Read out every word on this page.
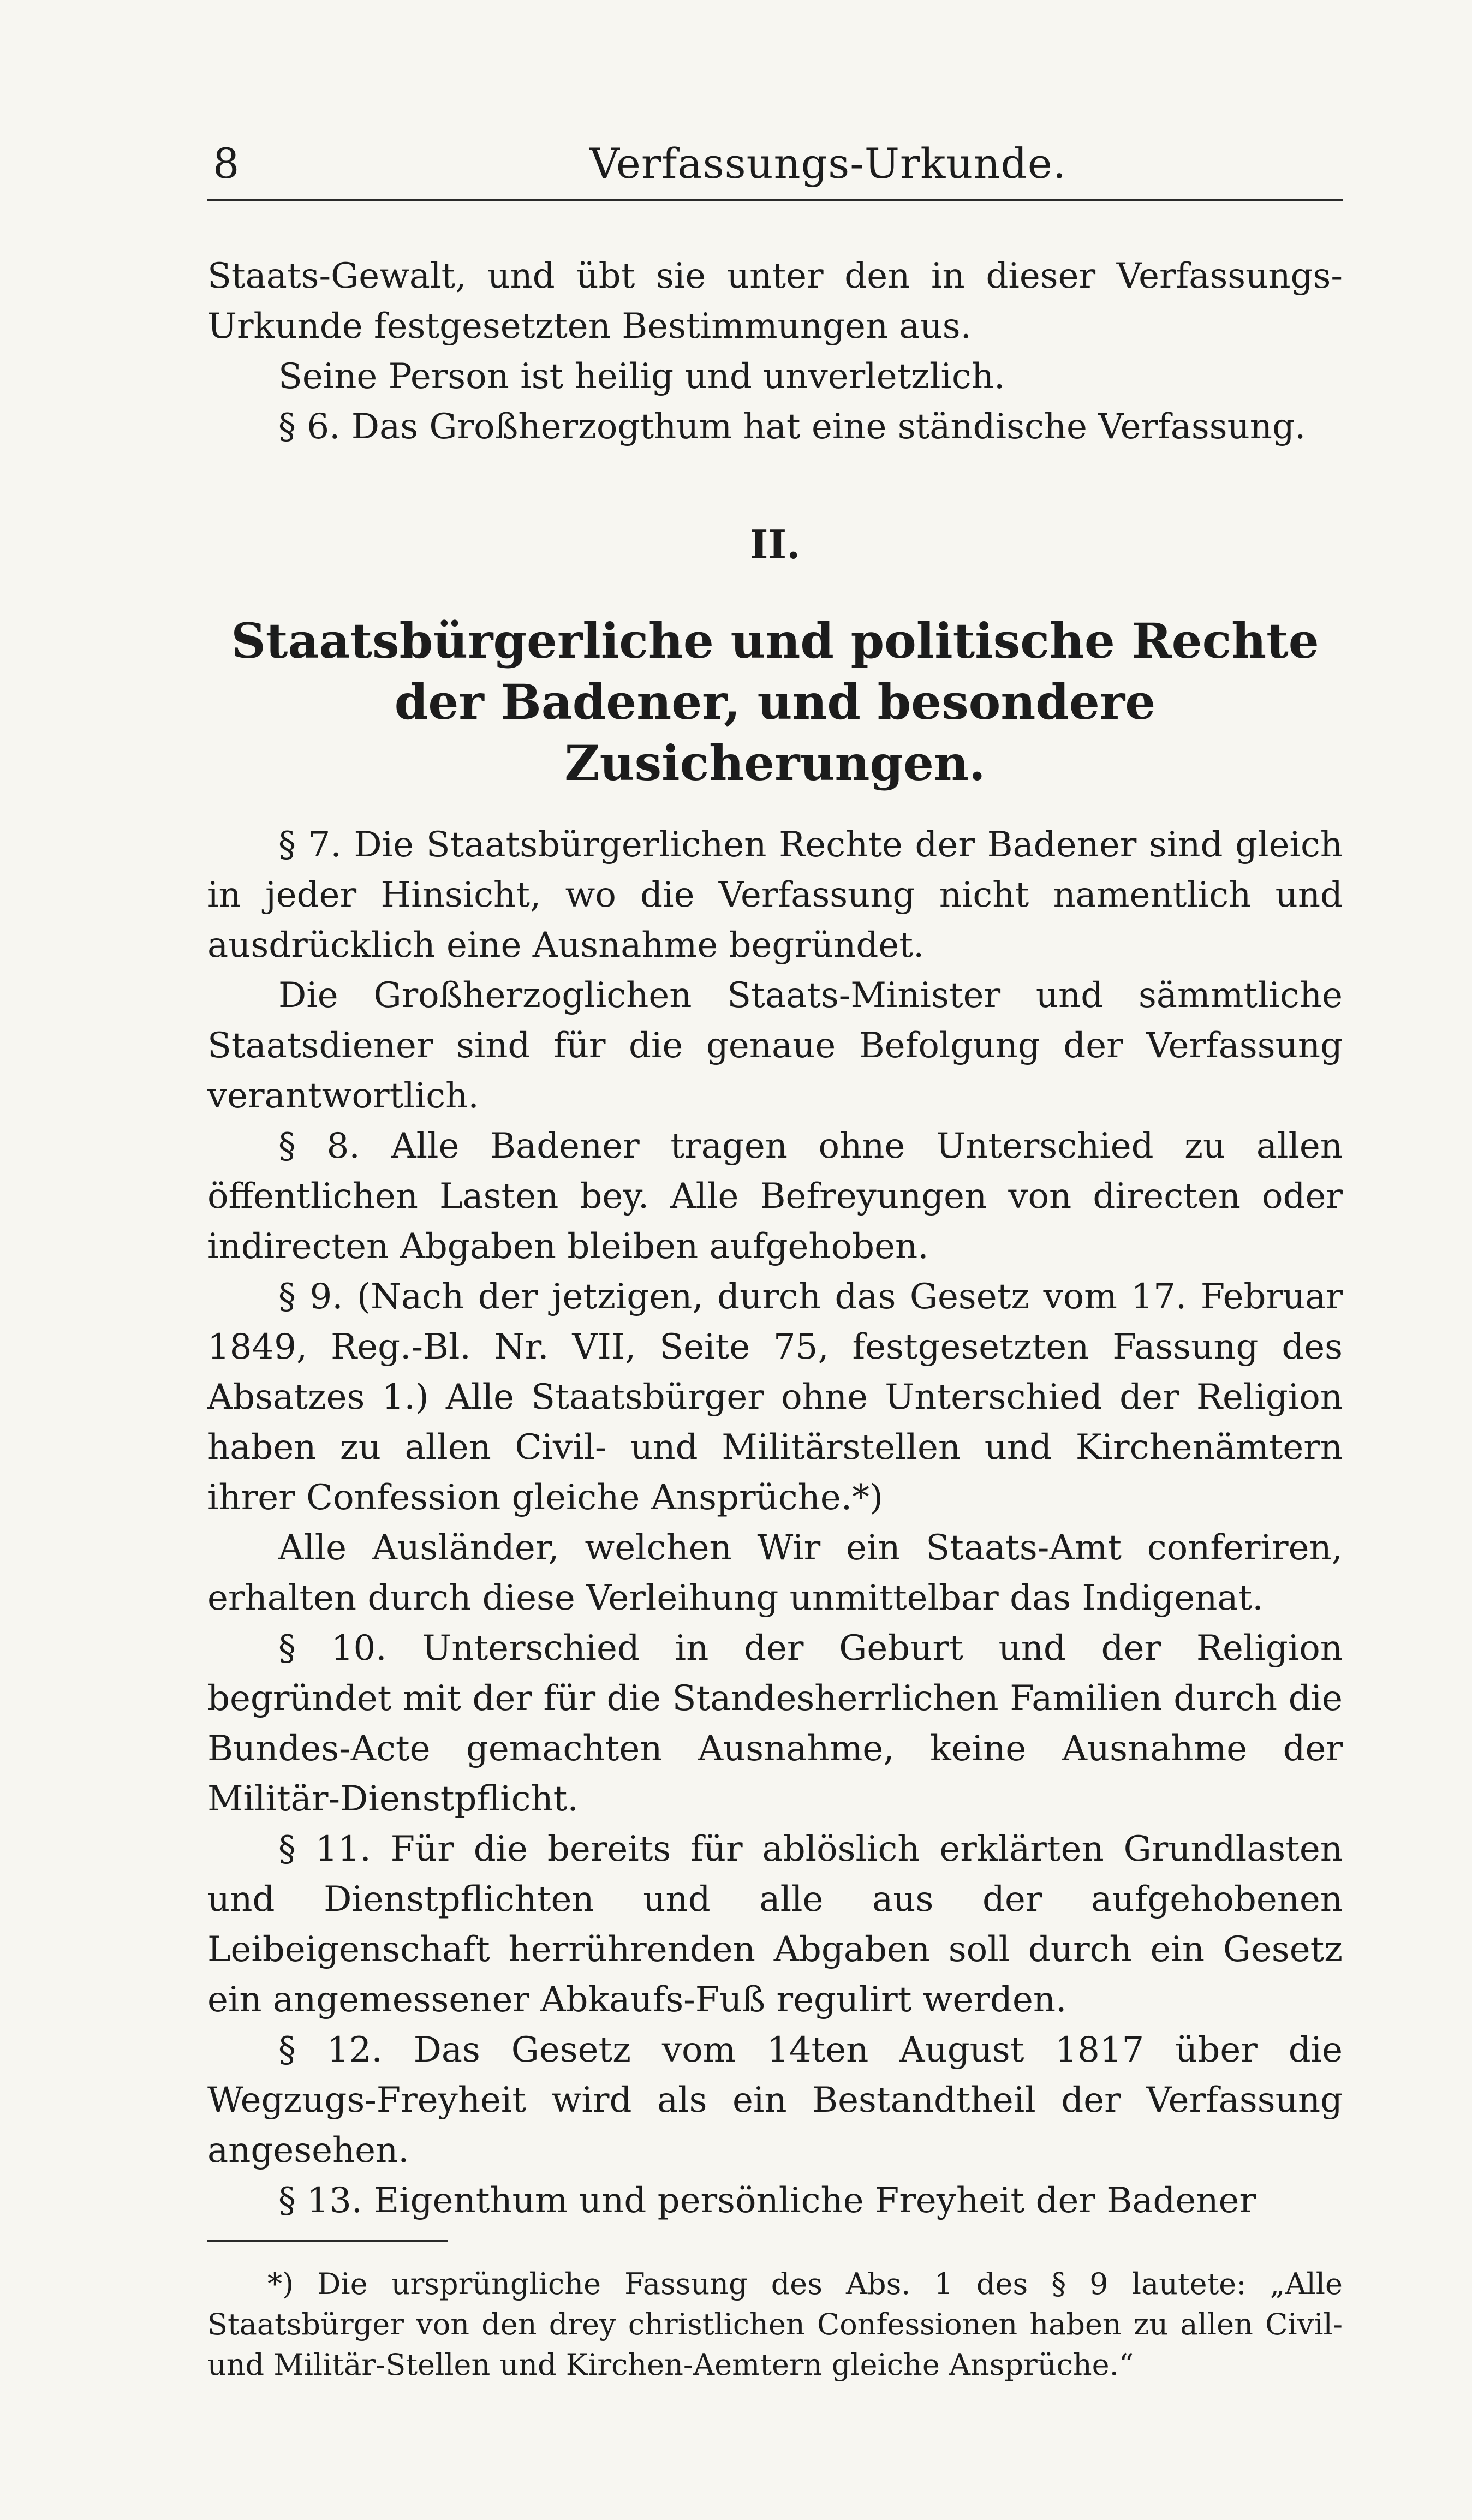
8	Verfassungs-Urkunde.

Staats-Gewalt, und übt sie unter den in dieser Verfassungs-Urkunde festgesetzten Bestimmungen aus.

Seine Person ist heilig und unverletzlich.

§ 6. Das Großherzogthum hat eine ständische Verfassung.

II.
Staatsbürgerliche und politische Rechte der Badener, und besondere Zusicherungen.

§ 7. Die Staatsbürgerlichen Rechte der Badener sind gleich in jeder Hinsicht, wo die Verfassung nicht namentlich und ausdrücklich eine Ausnahme begründet.

Die Großherzoglichen Staats-Minister und sämmtliche Staatsdiener sind für die genaue Befolgung der Verfassung verantwortlich.

§ 8. Alle Badener tragen ohne Unterschied zu allen öffentlichen Lasten bey. Alle Befreyungen von directen oder indirecten Abgaben bleiben aufgehoben.

§ 9. (Nach der jetzigen, durch das Gesetz vom 17. Februar 1849, Reg.-Bl. Nr. VII, Seite 75, festgesetzten Fassung des Absatzes 1.) Alle Staatsbürger ohne Unterschied der Religion haben zu allen Civil- und Militärstellen und Kirchenämtern ihrer Confession gleiche Ansprüche.*)

Alle Ausländer, welchen Wir ein Staats-Amt conferiren, erhalten durch diese Verleihung unmittelbar das Indigenat.

§ 10. Unterschied in der Geburt und der Religion begründet mit der für die Standesherrlichen Familien durch die Bundes-Acte gemachten Ausnahme, keine Ausnahme der Militär-Dienstpflicht.

§ 11. Für die bereits für ablöslich erklärten Grundlasten und Dienstpflichten und alle aus der aufgehobenen Leibeigenschaft herrührenden Abgaben soll durch ein Gesetz ein angemessener Abkaufs-Fuß regulirt werden.

§ 12. Das Gesetz vom 14ten August 1817 über die Wegzugs-Freyheit wird als ein Bestandtheil der Verfassung angesehen.

§ 13. Eigenthum und persönliche Freyheit der Badener

*) Die ursprüngliche Fassung des Abs. 1 des § 9 lautete: „Alle Staatsbürger von den drey christlichen Confessionen haben zu allen Civil- und Militär-Stellen und Kirchen-Aemtern gleiche Ansprüche.“
